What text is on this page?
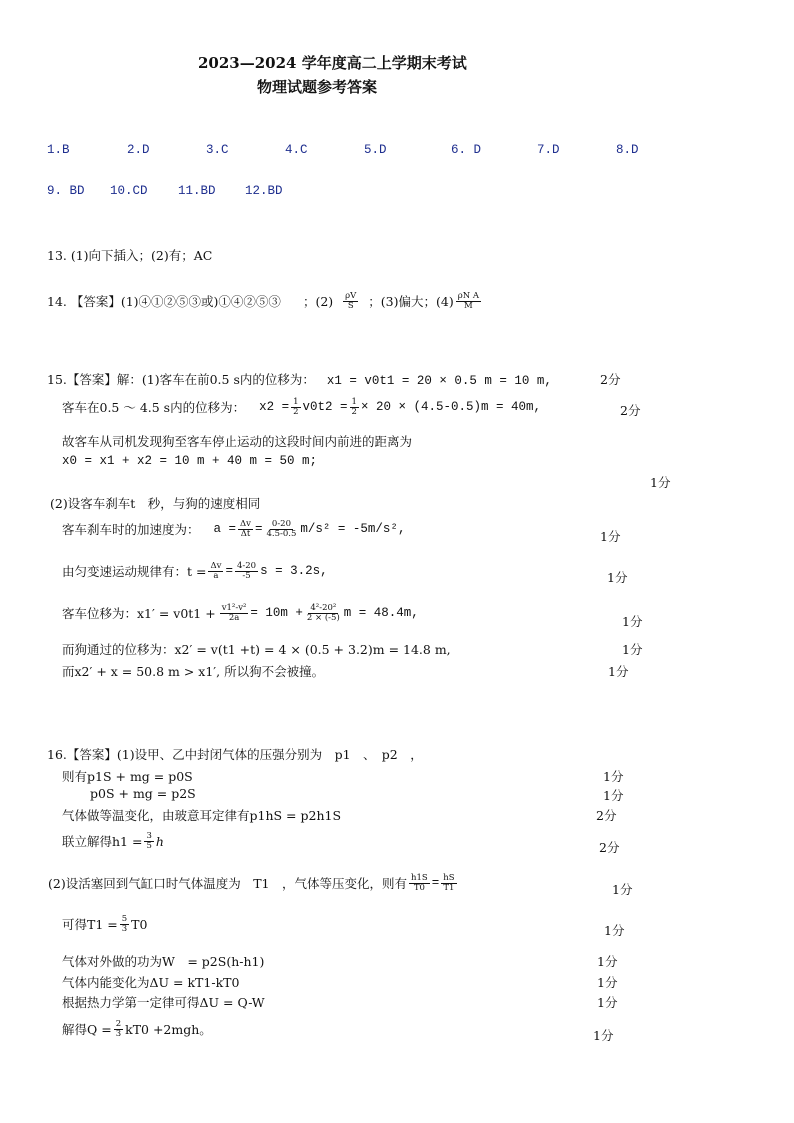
2023—2024 学年度高二上学期末考试
物理试题参考答案
1.B	2.D	3.C	4.C	5.D	6. D	7.D	8.D
9. BD 10.CD 11.BD 12.BD
13. (1)向下插入；(2)有；AC
14. 【答案】(1)④①②⑤③或)①④②⑤③ ；(2) ρV
S ；(3)偏大；(4) ρN A
M
15.【答案】解：(1)客车在前0.5 s内的位移为： x1 = v0t1 = 20 × 0.5 m = 10 m,	2分
客车在0.5 ～ 4.5 s内的位移为： $x2 = \frac{1}{2} v0t2 = \frac{1}{2} \times 20 \times (4.5-0.5)m = 40m$,	2分
故客车从司机发现狗至客车停止运动的这段时间内前进的距离为
x0 = x1 + x2 = 10 m + 40 m = 50 m;
1分
(2)设客车刹车t　秒，与狗的速度相同
客车刹车时的加速度为： $a = \frac{\Delta v}{\Delta t} = \frac{0-20}{4.5-0.5} m/s^2 = -5m/s^2$,	1分
由匀变速运动规律有：$t = \frac{\Delta v}{a} = \frac{4-20}{-5}$ s = 3.2s,	1分
客车位移为：$x1' = v0t1 + \frac{\text{v1²-v²}}{2a} = 10m + \frac{\text{4²-20²}}{2 \times (-5)}$ m = 48.4m,
1分
而狗通过的位移为：x2′ = v(t1 +t) = 4 × (0.5 + 3.2)m = 14.8 m,	1分
而x2′ + x = 50.8 m > x1′, 所以狗不会被撞。	1分
16.【答案】(1)设甲、乙中封闭气体的压强分别为　p1　、　p2　，
则有p1S + mg = p0S	1分
p0S + mg = p2S	1分
气体做等温变化，由玻意耳定律有p1hS = p2h1S	2分
联立解得$h1 = \frac{3}{5}$ h	2分
(2)设活塞回到气缸口时气体温度为　T1　，气体等压变化，则有 $\frac{h1S}{T0} = \frac{hS}{T1}$	1分
可得$T1 = \frac{5}{3} T0$	1分
气体对外做的功为W　= p2S(h-h1)	1分
气体内能变化为ΔU = kT1-kT0	1分
根据热力学第一定律可得ΔU = Q-W	1分
解得$Q = \frac{2}{3} kT0 +2mgh$。	1分
